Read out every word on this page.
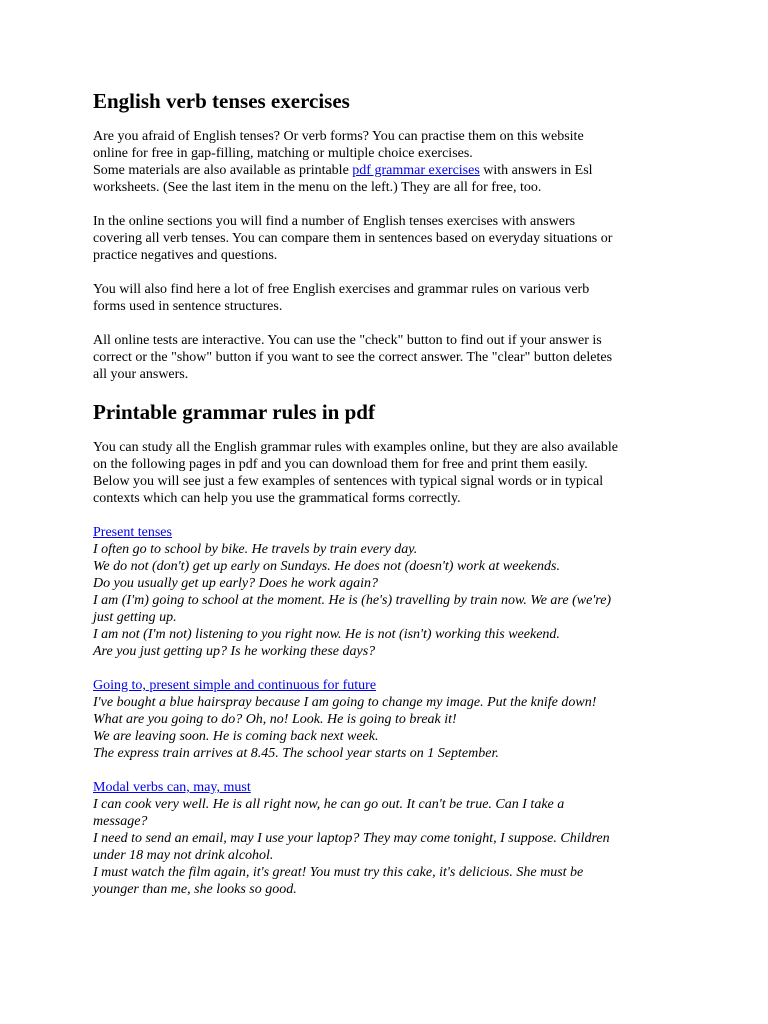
English verb tenses exercises

Are you afraid of English tenses? Or verb forms? You can practise them on this website
online for free in gap-filling, matching or multiple choice exercises.
Some materials are also available as printable pdf grammar exercises with answers in Esl
worksheets. (See the last item in the menu on the left.) They are all for free, too.

In the online sections you will find a number of English tenses exercises with answers
covering all verb tenses. You can compare them in sentences based on everyday situations or
practice negatives and questions.

You will also find here a lot of free English exercises and grammar rules on various verb
forms used in sentence structures.

All online tests are interactive. You can use the "check" button to find out if your answer is
correct or the "show" button if you want to see the correct answer. The "clear" button deletes
all your answers.

Printable grammar rules in pdf

You can study all the English grammar rules with examples online, but they are also available
on the following pages in pdf and you can download them for free and print them easily.
Below you will see just a few examples of sentences with typical signal words or in typical
contexts which can help you use the grammatical forms correctly.

Present tenses
I often go to school by bike. He travels by train every day.
We do not (don't) get up early on Sundays. He does not (doesn't) work at weekends.
Do you usually get up early? Does he work again?
I am (I'm) going to school at the moment. He is (he's) travelling by train now. We are (we're)
just getting up.
I am not (I'm not) listening to you right now. He is not (isn't) working this weekend.
Are you just getting up? Is he working these days?
Going to, present simple and continuous for future
I've bought a blue hairspray because I am going to change my image. Put the knife down!
What are you going to do? Oh, no! Look. He is going to break it!
We are leaving soon. He is coming back next week.
The express train arrives at 8.45. The school year starts on 1 September.
Modal verbs can, may, must
I can cook very well. He is all right now, he can go out. It can't be true. Can I take a
message?
I need to send an email, may I use your laptop? They may come tonight, I suppose. Children
under 18 may not drink alcohol.
I must watch the film again, it's great! You must try this cake, it's delicious. She must be
younger than me, she looks so good.
